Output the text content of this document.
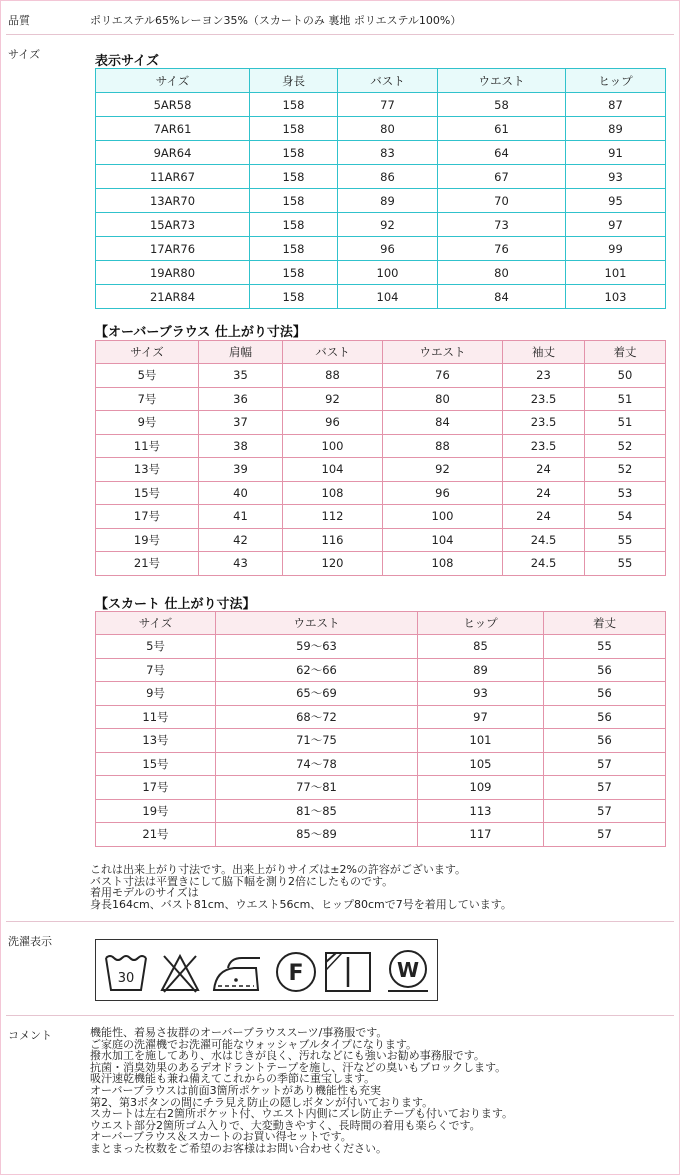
品質	ポリエステル65%レーヨン35%（スカートのみ 裏地 ポリエステル100%）
サイズ	表示サイズ
サイズ	身長	バスト	ウエスト	ヒップ
5AR58	158	77	58	87
7AR61	158	80	61	89
9AR64	158	83	64	91
11AR67	158	86	67	93
13AR70	158	89	70	95
15AR73	158	92	73	97
17AR76	158	96	76	99
19AR80	158	100	80	101
21AR84	158	104	84	103
【オーバーブラウス 仕上がり寸法】
サイズ	肩幅	バスト	ウエスト	袖丈	着丈
5号	35	88	76	23	50
7号	36	92	80	23.5	51
9号	37	96	84	23.5	51
11号	38	100	88	23.5	52
13号	39	104	92	24	52
15号	40	108	96	24	53
17号	41	112	100	24	54
19号	42	116	104	24.5	55
21号	43	120	108	24.5	55
【スカート 仕上がり寸法】
サイズ	ウエスト	ヒップ	着丈
5号	59～63	85	55
7号	62～66	89	56
9号	65～69	93	56
11号	68～72	97	56
13号	71～75	101	56
15号	74～78	105	57
17号	77～81	109	57
19号	81～85	113	57
21号	85～89	117	57
これは出来上がり寸法です。出来上がりサイズは±2%の許容がございます。
バスト寸法は平置きにして脇下幅を測り2倍にしたものです。
着用モデルのサイズは
身長164cm、バスト81cm、ウエスト56cm、ヒップ80cmで7号を着用しています。
洗濯表示
30	F	W
コメント	機能性、着易さ抜群のオーバーブラウススーツ/事務服です。
ご家庭の洗濯機でお洗濯可能なウォッシャブルタイプになります。
撥水加工を施してあり、水はじきが良く、汚れなどにも強いお勧め事務服です。
抗菌・消臭効果のあるデオドラントテープを施し、汗などの臭いもブロックします。
吸汗速乾機能も兼ね備えてこれからの季節に重宝します。
オーバーブラウスは前面3箇所ポケットがあり機能性も充実
第2、第3ボタンの間にチラ見え防止の隠しボタンが付いております。
スカートは左右2箇所ポケット付、ウエスト内側にズレ防止テープも付いております。
ウエスト部分2箇所ゴム入りで、大変動きやすく、長時間の着用も楽らくです。
オーバーブラウス＆スカートのお買い得セットです。
まとまった枚数をご希望のお客様はお問い合わせください。
